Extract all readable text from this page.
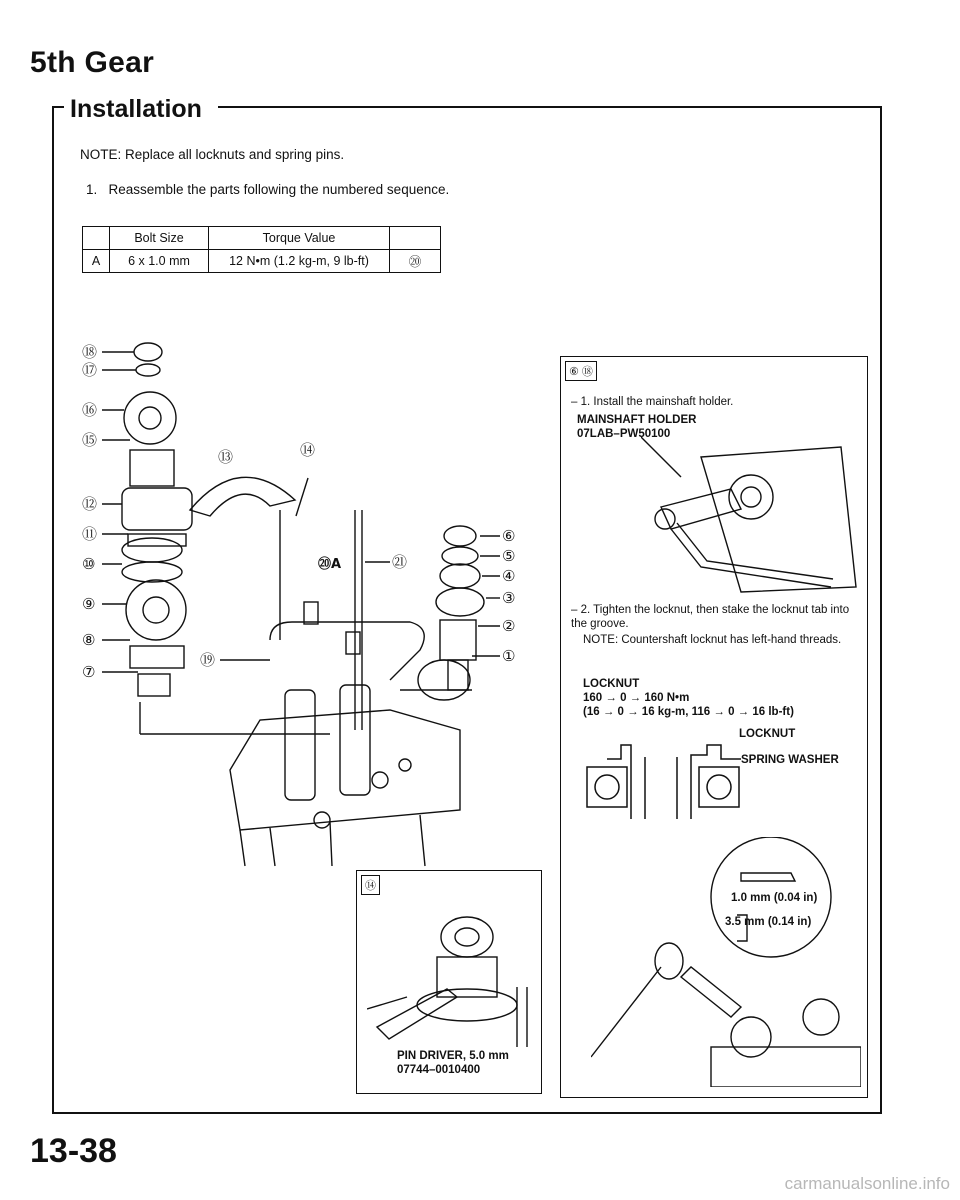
5th Gear
Installation
NOTE: Replace all locknuts and spring pins.
1. Reassemble the parts following the numbered sequence.
	Bolt Size	Torque Value	
A	6 x 1.0 mm	12 N•m (1.2 kg-m, 9 lb-ft)	⑳
⑱
⑰
⑯
⑮
⑫
⑪
⑩
⑨
⑧
⑦
⑬	⑭
⑳A	㉑
⑲
⑥
⑤
④
③
②
①
⑥ ⑱
– 1. Install the mainshaft holder.
MAINSHAFT HOLDER
07LAB–PW50100
– 2. Tighten the locknut, then stake the locknut tab into the groove.
NOTE: Countershaft locknut has left-hand threads.
LOCKNUT
160 → 0 → 160 N•m
(16 → 0 → 16 kg-m, 116 → 0 → 16 lb-ft)
LOCKNUT
SPRING WASHER
1.0 mm (0.04 in)
3.5 mm (0.14 in)
⑭
PIN DRIVER, 5.0 mm
07744–0010400
13-38
carmanualsonline.info
